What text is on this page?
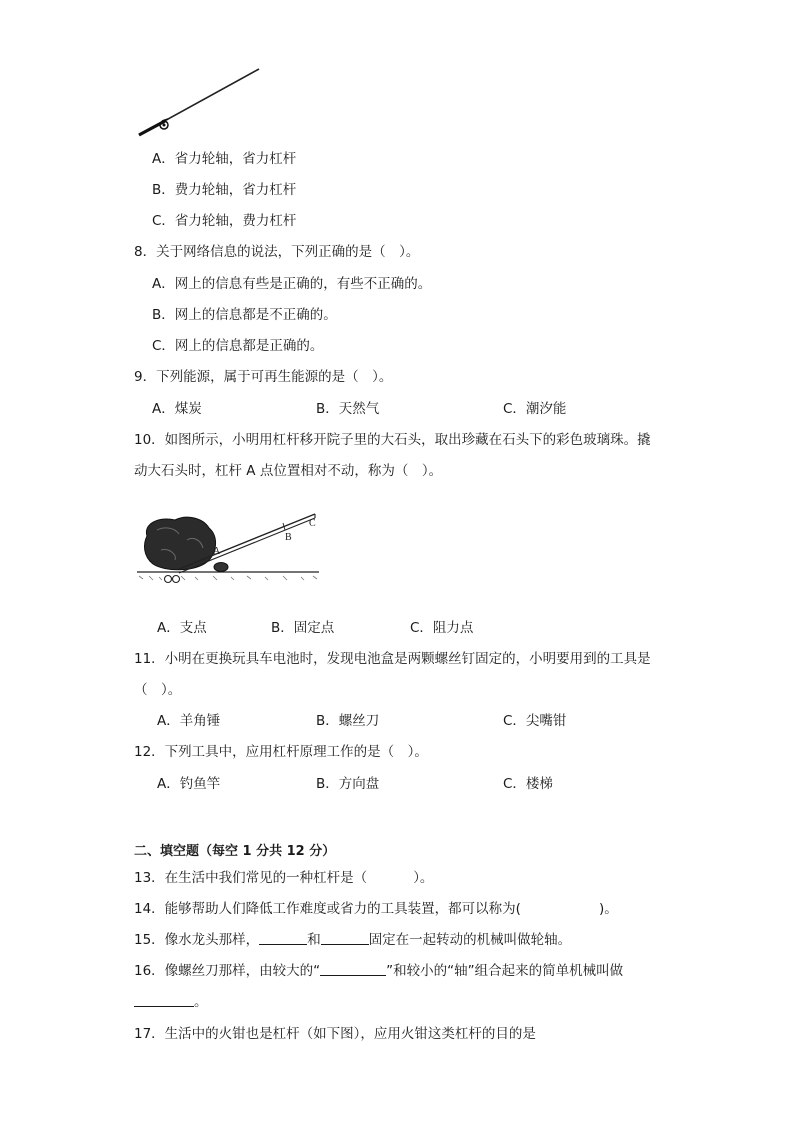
A．省力轮轴，省力杠杆
B．费力轮轴，省力杠杆
C．省力轮轴，费力杠杆
8．关于网络信息的说法，下列正确的是（　）。
A．网上的信息有些是正确的，有些不正确的。
B．网上的信息都是不正确的。
C．网上的信息都是正确的。
9．下列能源，属于可再生能源的是（　）。
A．煤炭	B．天然气	C．潮汐能
10．如图所示，小明用杠杆移开院子里的大石头，取出珍藏在石头下的彩色玻璃珠。撬
动大石头时，杠杆 A 点位置相对不动，称为（　）。
A
B
C
A．支点	B．固定点	C．阻力点
11．小明在更换玩具车电池时，发现电池盒是两颗螺丝钉固定的，小明要用到的工具是
（　）。
A．羊角锤	B．螺丝刀	C．尖嘴钳
12．下列工具中，应用杠杆原理工作的是（　）。
A．钓鱼竿	B．方向盘	C．楼梯
二、填空题（每空 1 分共 12 分）
13．在生活中我们常见的一种杠杆是（	）。
14．能够帮助人们降低工作难度或省力的工具装置，都可以称为(	)。
15．像水龙头那样，	和	固定在一起转动的机械叫做轮轴。
16．像螺丝刀那样，由较大的“	”和较小的“轴”组合起来的简单机械叫做
。
17．生活中的火钳也是杠杆（如下图），应用火钳这类杠杆的目的是
